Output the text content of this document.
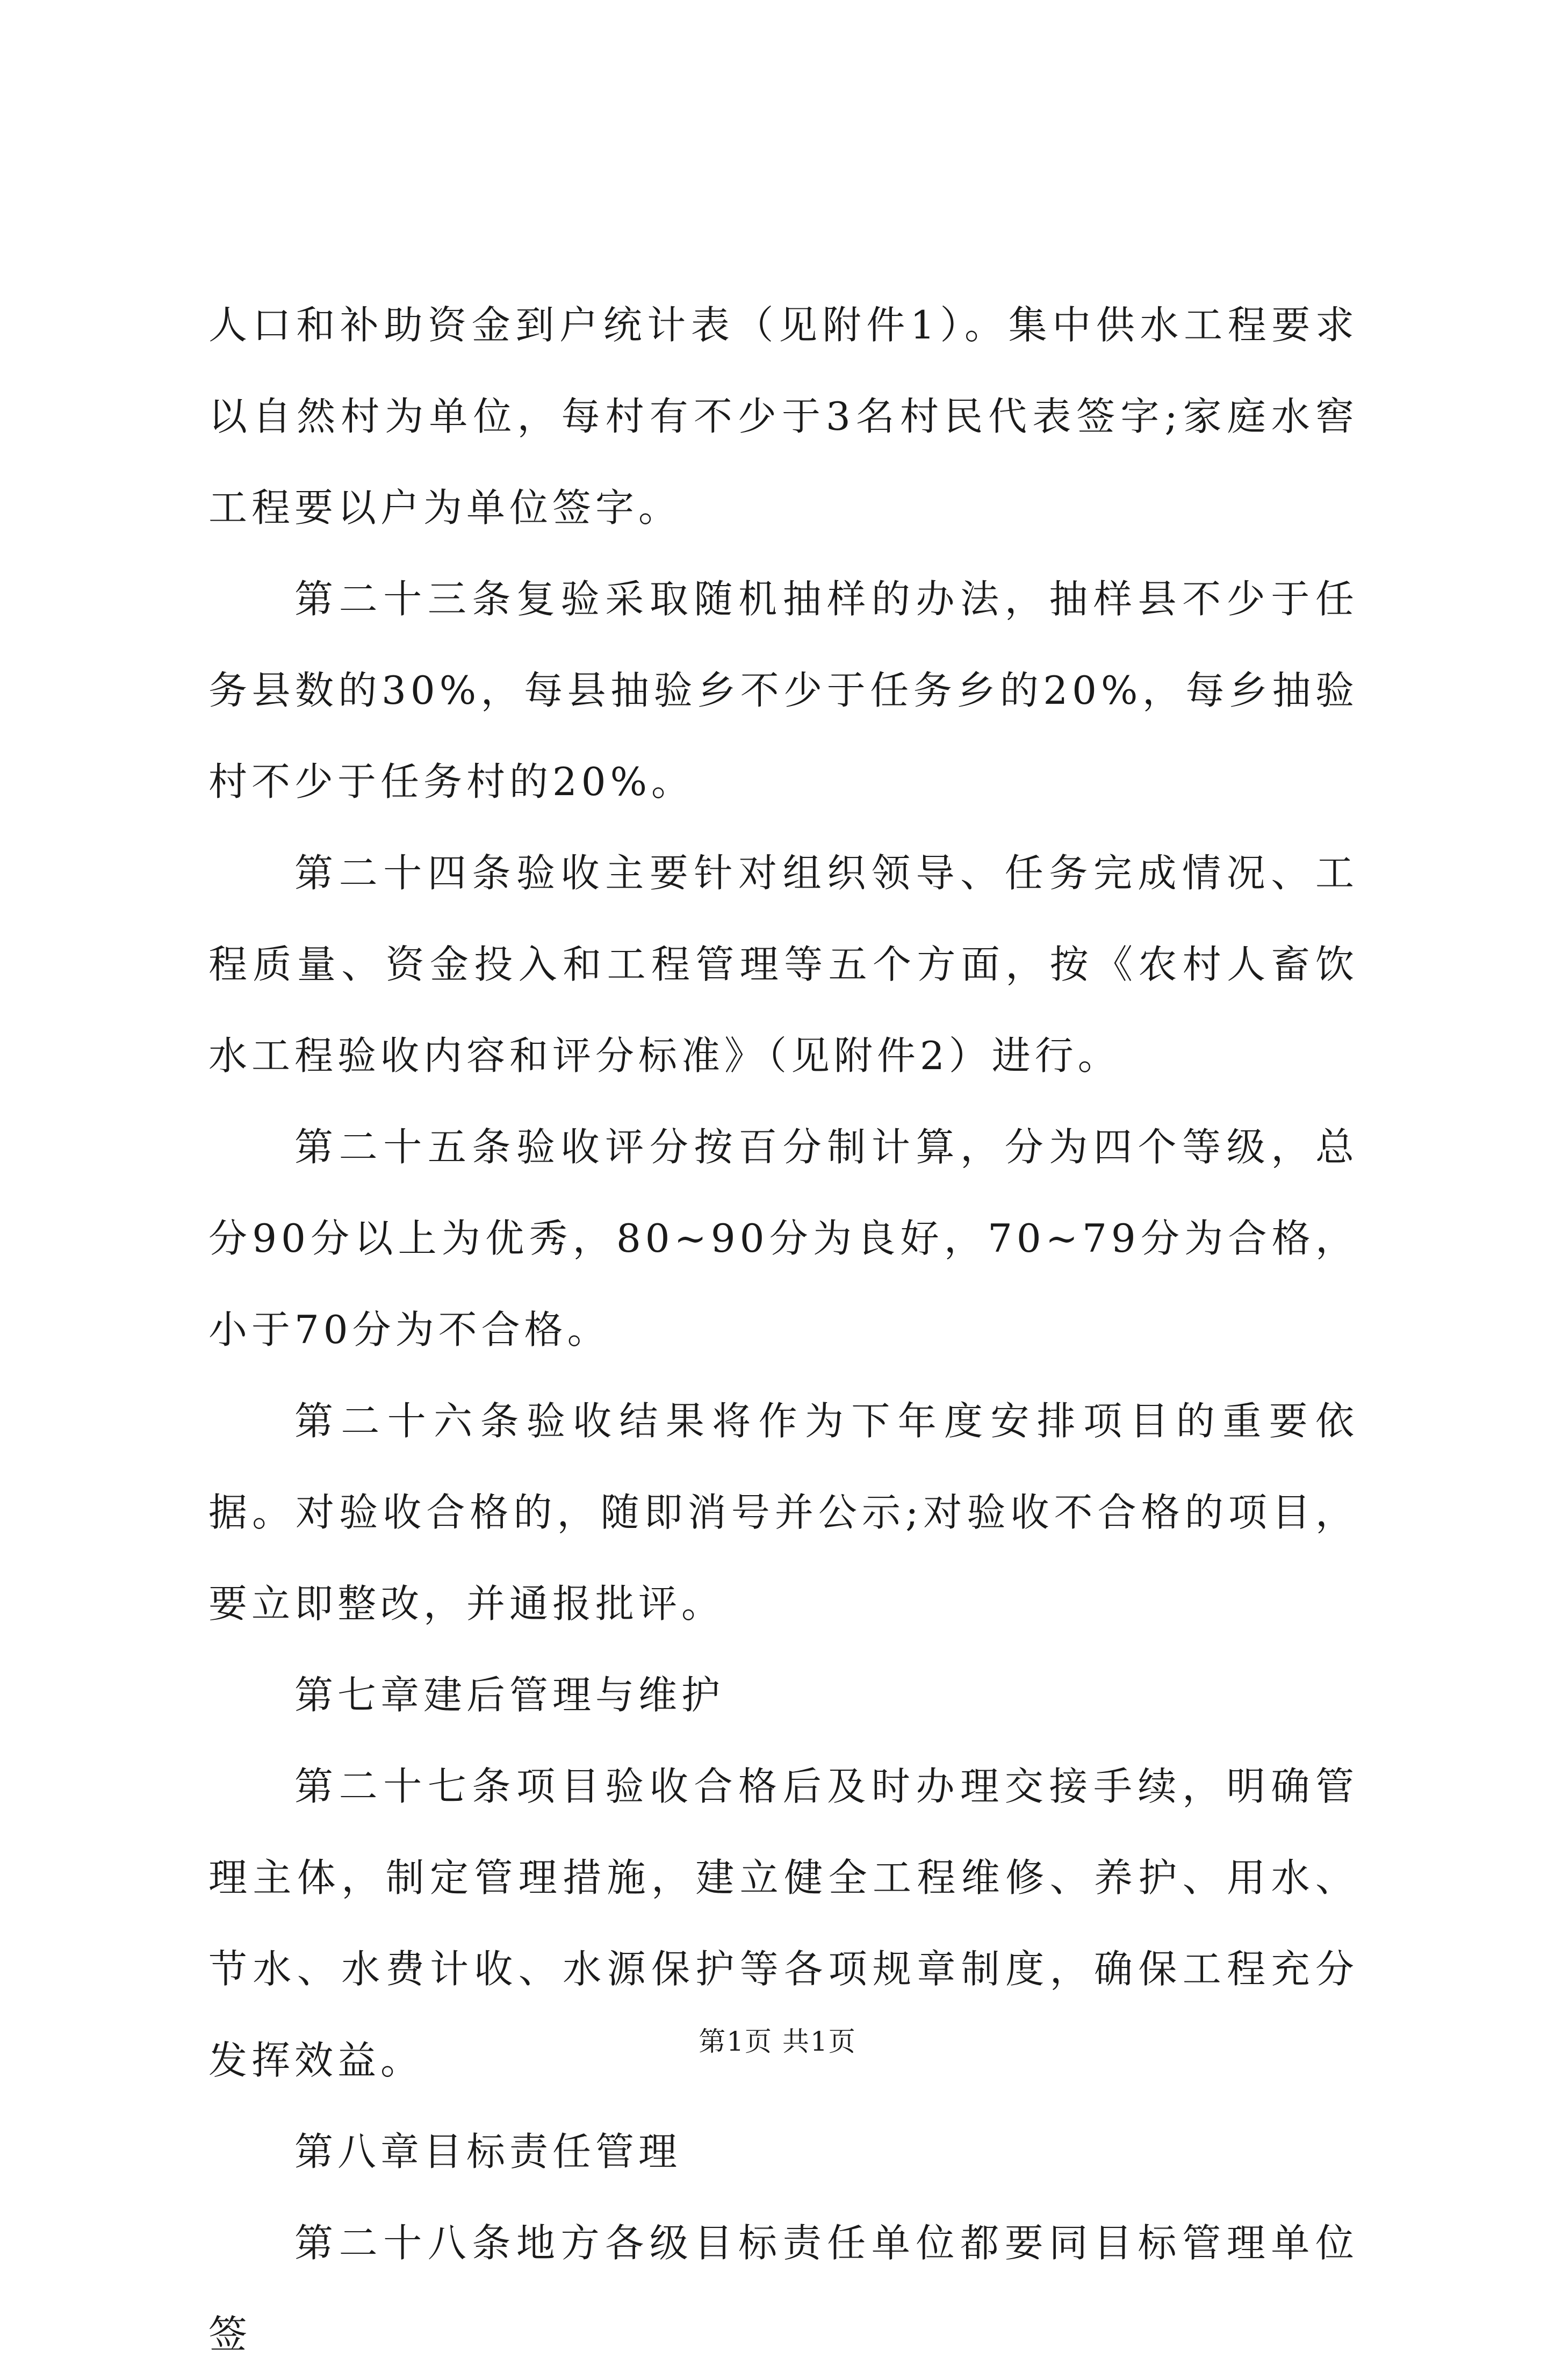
人口和补助资金到户统计表（见附件1）。集中供水工程要求以自然村为单位，每村有不少于3名村民代表签字;家庭水窖工程要以户为单位签字。

第二十三条复验采取随机抽样的办法，抽样县不少于任务县数的30%，每县抽验乡不少于任务乡的20%，每乡抽验村不少于任务村的20%。

第二十四条验收主要针对组织领导、任务完成情况、工程质量、资金投入和工程管理等五个方面，按《农村人畜饮水工程验收内容和评分标准》（见附件2）进行。

第二十五条验收评分按百分制计算，分为四个等级，总分90分以上为优秀，80~90分为良好，70~79分为合格，小于70分为不合格。

第二十六条验收结果将作为下年度安排项目的重要依据。对验收合格的，随即消号并公示;对验收不合格的项目，要立即整改，并通报批评。

第七章建后管理与维护

第二十七条项目验收合格后及时办理交接手续，明确管理主体，制定管理措施，建立健全工程维修、养护、用水、节水、水费计收、水源保护等各项规章制度，确保工程充分发挥效益。

第八章目标责任管理

第二十八条地方各级目标责任单位都要同目标管理单位签

第1页 共1页
